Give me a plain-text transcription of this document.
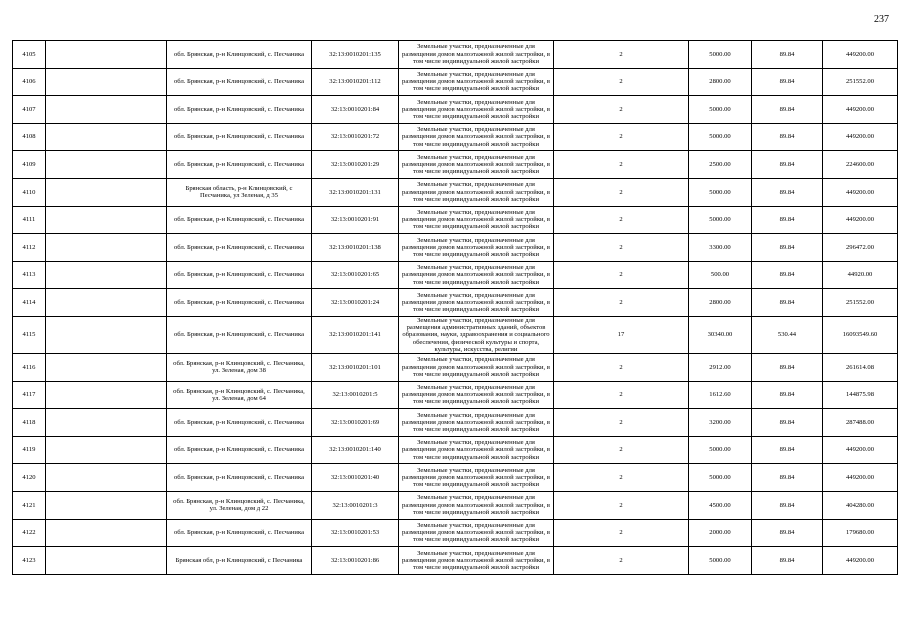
237
4105		обл. Брянская, р-н Клинцовский, с. Песчаника	32:13:0010201:135	Земельные участки, предназначенные для размещения домов малоэтажной жилой застройки, в том числе индивидуальной жилой застройки	2	5000.00	89.84	449200.00
4106		обл. Брянская, р-н Клинцовский, с. Песчаника	32:13:0010201:112	Земельные участки, предназначенные для размещения домов малоэтажной жилой застройки, в том числе индивидуальной жилой застройки	2	2800.00	89.84	251552.00
4107		обл. Брянская, р-н Клинцовский, с. Песчаника	32:13:0010201:84	Земельные участки, предназначенные для размещения домов малоэтажной жилой застройки, в том числе индивидуальной жилой застройки	2	5000.00	89.84	449200.00
4108		обл. Брянская, р-н Клинцовский, с. Песчаника	32:13:0010201:72	Земельные участки, предназначенные для размещения домов малоэтажной жилой застройки, в том числе индивидуальной жилой застройки	2	5000.00	89.84	449200.00
4109		обл. Брянская, р-н Клинцовский, с. Песчаника	32:13:0010201:29	Земельные участки, предназначенные для размещения домов малоэтажной жилой застройки, в том числе индивидуальной жилой застройки	2	2500.00	89.84	224600.00
4110		Брянская область, р-н Клинцовский, с Песчаника, ул Зеленая, д 35	32:13:0010201:131	Земельные участки, предназначенные для размещения домов малоэтажной жилой застройки, в том числе индивидуальной жилой застройки	2	5000.00	89.84	449200.00
4111		обл. Брянская, р-н Клинцовский, с. Песчаника	32:13:0010201:91	Земельные участки, предназначенные для размещения домов малоэтажной жилой застройки, в том числе индивидуальной жилой застройки	2	5000.00	89.84	449200.00
4112		обл. Брянская, р-н Клинцовский, с. Песчаника	32:13:0010201:138	Земельные участки, предназначенные для размещения домов малоэтажной жилой застройки, в том числе индивидуальной жилой застройки	2	3300.00	89.84	296472.00
4113		обл. Брянская, р-н Клинцовский, с. Песчаника	32:13:0010201:65	Земельные участки, предназначенные для размещения домов малоэтажной жилой застройки, в том числе индивидуальной жилой застройки	2	500.00	89.84	44920.00
4114		обл. Брянская, р-н Клинцовский, с. Песчаника	32:13:0010201:24	Земельные участки, предназначенные для размещения домов малоэтажной жилой застройки, в том числе индивидуальной жилой застройки	2	2800.00	89.84	251552.00
4115		обл. Брянская, р-н Клинцовский, с. Песчаника	32:13:0010201:141	Земельные участки, предназначенные для размещения административных зданий, объектов образования, науки, здравоохранения и социального обеспечения, физической культуры и спорта, культуры, искусства, религии	17	30340.00	530.44	16093549.60
4116		обл. Брянская, р-н Клинцовский, с. Песчаника, ул. Зеленая, дом 38	32:13:0010201:101	Земельные участки, предназначенные для размещения домов малоэтажной жилой застройки, в том числе индивидуальной жилой застройки	2	2912.00	89.84	261614.08
4117		обл. Брянская, р-н Клинцовский, с. Песчаника, ул. Зеленая, дом 64	32:13:0010201:5	Земельные участки, предназначенные для размещения домов малоэтажной жилой застройки, в том числе индивидуальной жилой застройки	2	1612.60	89.84	144875.98
4118		обл. Брянская, р-н Клинцовский, с. Песчаника	32:13:0010201:69	Земельные участки, предназначенные для размещения домов малоэтажной жилой застройки, в том числе индивидуальной жилой застройки	2	3200.00	89.84	287488.00
4119		обл. Брянская, р-н Клинцовский, с. Песчаника	32:13:0010201:140	Земельные участки, предназначенные для размещения домов малоэтажной жилой застройки, в том числе индивидуальной жилой застройки	2	5000.00	89.84	449200.00
4120		обл. Брянская, р-н Клинцовский, с. Песчаника	32:13:0010201:40	Земельные участки, предназначенные для размещения домов малоэтажной жилой застройки, в том числе индивидуальной жилой застройки	2	5000.00	89.84	449200.00
4121		обл. Брянская, р-н Клинцовский, с. Песчаника, ул. Зеленая, дом д 22	32:13:0010201:3	Земельные участки, предназначенные для размещения домов малоэтажной жилой застройки, в том числе индивидуальной жилой застройки	2	4500.00	89.84	404280.00
4122		обл. Брянская, р-н Клинцовский, с. Песчаника	32:13:0010201:53	Земельные участки, предназначенные для размещения домов малоэтажной жилой застройки, в том числе индивидуальной жилой застройки	2	2000.00	89.84	179680.00
4123		Брянская обл, р-н Клинцовский, с Песчаника	32:13:0010201:86	Земельные участки, предназначенные для размещения домов малоэтажной жилой застройки, в том числе индивидуальной жилой застройки	2	5000.00	89.84	449200.00
